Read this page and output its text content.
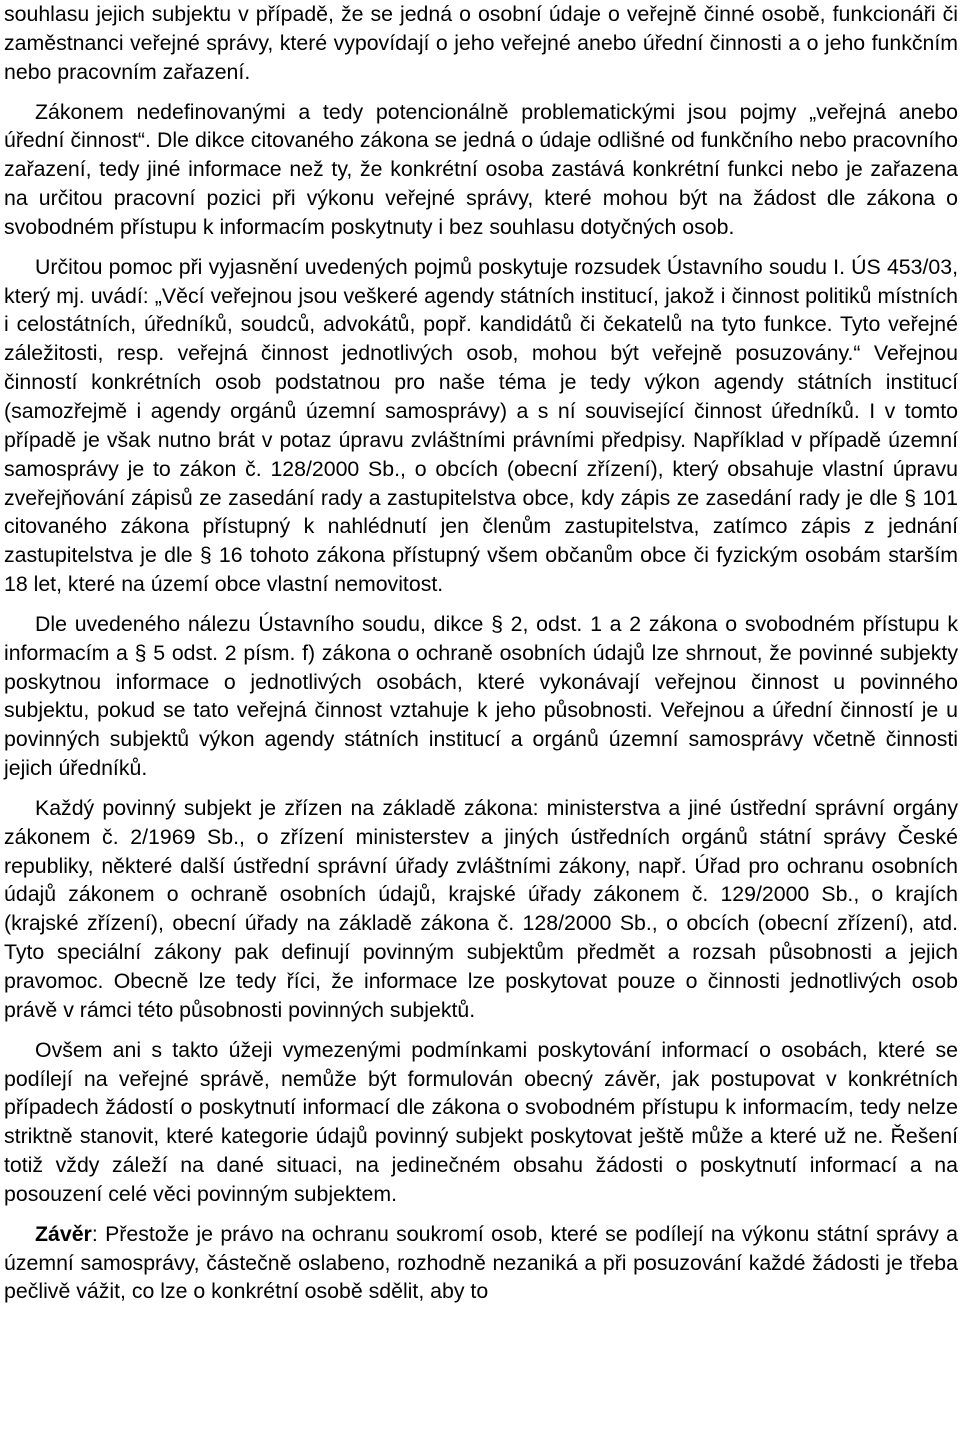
souhlasu jejich subjektu v případě, že se jedná o osobní údaje o veřejně činné osobě, funkcionáři či zaměstnanci veřejné správy, které vypovídají o jeho veřejné anebo úřední činnosti a o jeho funkčním nebo pracovním zařazení.

Zákonem nedefinovanými a tedy potencionálně problematickými jsou pojmy „veřejná anebo úřední činnost“. Dle dikce citovaného zákona se jedná o údaje odlišné od funkčního nebo pracovního zařazení, tedy jiné informace než ty, že konkrétní osoba zastává konkrétní funkci nebo je zařazena na určitou pracovní pozici při výkonu veřejné správy, které mohou být na žádost dle zákona o svobodném přístupu k informacím poskytnuty i bez souhlasu dotyčných osob.

Určitou pomoc při vyjasnění uvedených pojmů poskytuje rozsudek Ústavního soudu I. ÚS 453/03, který mj. uvádí: „Věcí veřejnou jsou veškeré agendy státních institucí, jakož i činnost politiků místních i celostátních, úředníků, soudců, advokátů, popř. kandidátů či čekatelů na tyto funkce. Tyto veřejné záležitosti, resp. veřejná činnost jednotlivých osob, mohou být veřejně posuzovány.“ Veřejnou činností konkrétních osob podstatnou pro naše téma je tedy výkon agendy státních institucí (samozřejmě i agendy orgánů územní samosprávy) a s ní související činnost úředníků. I v tomto případě je však nutno brát v potaz úpravu zvláštními právními předpisy. Například v případě územní samosprávy je to zákon č. 128/2000 Sb., o obcích (obecní zřízení), který obsahuje vlastní úpravu zveřejňování zápisů ze zasedání rady a zastupitelstva obce, kdy zápis ze zasedání rady je dle § 101 citovaného zákona přístupný k nahlédnutí jen členům zastupitelstva, zatímco zápis z jednání zastupitelstva je dle § 16 tohoto zákona přístupný všem občanům obce či fyzickým osobám starším 18 let, které na území obce vlastní nemovitost.

Dle uvedeného nálezu Ústavního soudu, dikce § 2, odst. 1 a 2 zákona o svobodném přístupu k informacím a § 5 odst. 2 písm. f) zákona o ochraně osobních údajů lze shrnout, že povinné subjekty poskytnou informace o jednotlivých osobách, které vykonávají veřejnou činnost u povinného subjektu, pokud se tato veřejná činnost vztahuje k jeho působnosti. Veřejnou a úřední činností je u povinných subjektů výkon agendy státních institucí a orgánů územní samosprávy včetně činnosti jejich úředníků.

Každý povinný subjekt je zřízen na základě zákona: ministerstva a jiné ústřední správní orgány zákonem č. 2/1969 Sb., o zřízení ministerstev a jiných ústředních orgánů státní správy České republiky, některé další ústřední správní úřady zvláštními zákony, např. Úřad pro ochranu osobních údajů zákonem o ochraně osobních údajů, krajské úřady zákonem č. 129/2000 Sb., o krajích (krajské zřízení), obecní úřady na základě zákona č. 128/2000 Sb., o obcích (obecní zřízení), atd. Tyto speciální zákony pak definují povinným subjektům předmět a rozsah působnosti a jejich pravomoc. Obecně lze tedy říci, že informace lze poskytovat pouze o činnosti jednotlivých osob právě v rámci této působnosti povinných subjektů.

Ovšem ani s takto úžeji vymezenými podmínkami poskytování informací o osobách, které se podílejí na veřejné správě, nemůže být formulován obecný závěr, jak postupovat v konkrétních případech žádostí o poskytnutí informací dle zákona o svobodném přístupu k informacím, tedy nelze striktně stanovit, které kategorie údajů povinný subjekt poskytovat ještě může a které už ne. Řešení totiž vždy záleží na dané situaci, na jedinečném obsahu žádosti o poskytnutí informací a na posouzení celé věci povinným subjektem.

Závěr: Přestože je právo na ochranu soukromí osob, které se podílejí na výkonu státní správy a územní samosprávy, částečně oslabeno, rozhodně nezaniká a při posuzování každé žádosti je třeba pečlivě vážit, co lze o konkrétní osobě sdělit, aby to
